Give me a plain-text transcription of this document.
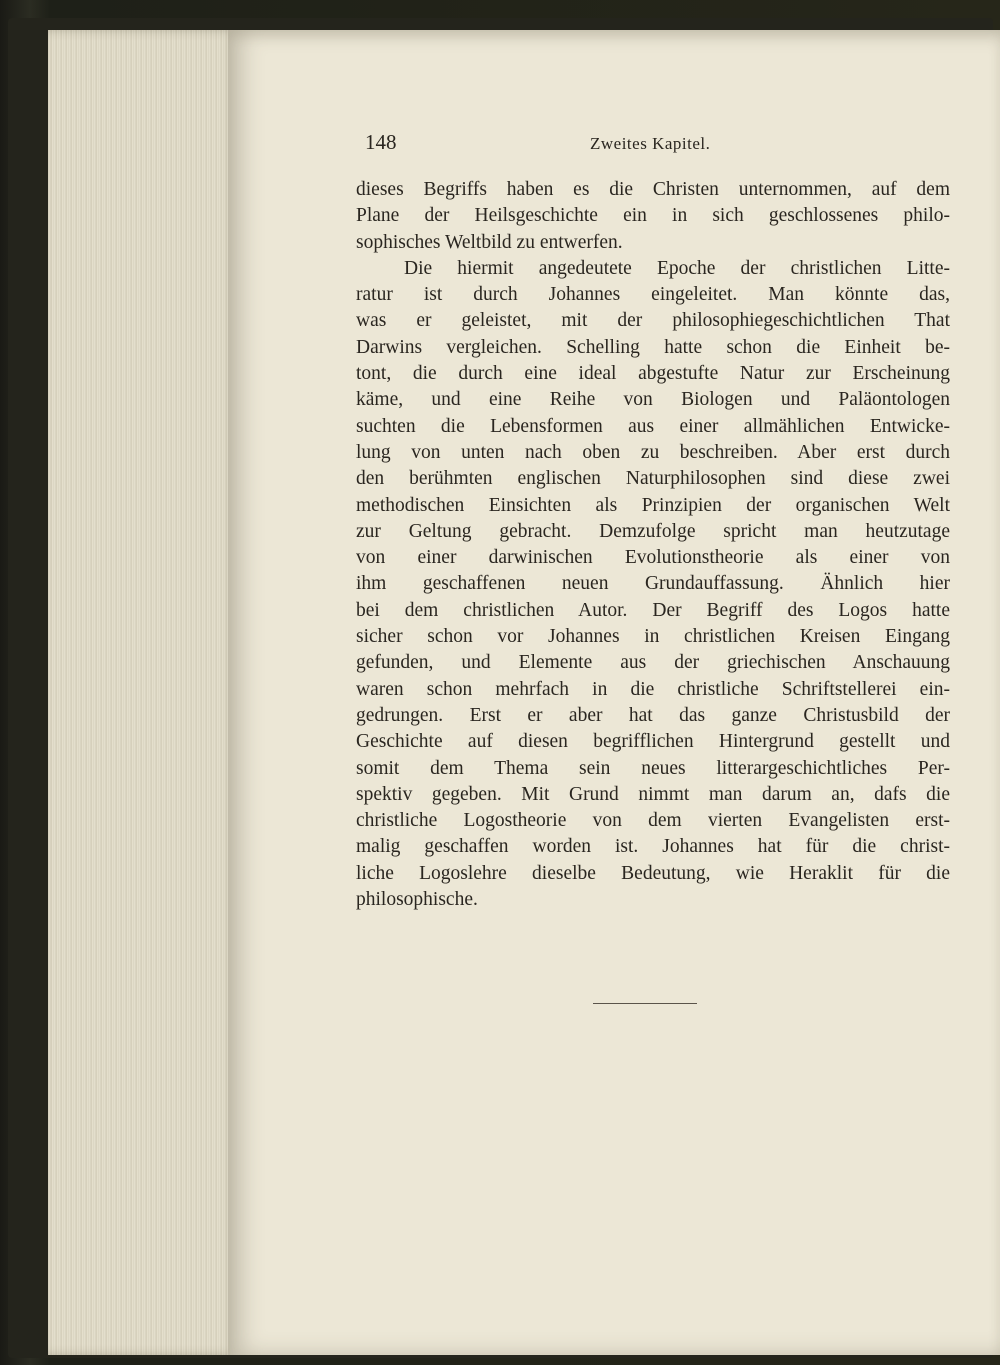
148	Zweites Kapitel.
dieses Begriffs haben es die Christen unternommen, auf dem
Plane der Heilsgeschichte ein in sich geschlossenes philo-
sophisches Weltbild zu entwerfen.
Die hiermit angedeutete Epoche der christlichen Litte-
ratur ist durch Johannes eingeleitet. Man könnte das,
was er geleistet, mit der philosophiegeschichtlichen That
Darwins vergleichen. Schelling hatte schon die Einheit be-
tont, die durch eine ideal abgestufte Natur zur Erscheinung
käme, und eine Reihe von Biologen und Paläontologen
suchten die Lebensformen aus einer allmählichen Entwicke-
lung von unten nach oben zu beschreiben. Aber erst durch
den berühmten englischen Naturphilosophen sind diese zwei
methodischen Einsichten als Prinzipien der organischen Welt
zur Geltung gebracht. Demzufolge spricht man heutzutage
von einer darwinischen Evolutionstheorie als einer von
ihm geschaffenen neuen Grundauffassung. Ähnlich hier
bei dem christlichen Autor. Der Begriff des Logos hatte
sicher schon vor Johannes in christlichen Kreisen Eingang
gefunden, und Elemente aus der griechischen Anschauung
waren schon mehrfach in die christliche Schriftstellerei ein-
gedrungen. Erst er aber hat das ganze Christusbild der
Geschichte auf diesen begrifflichen Hintergrund gestellt und
somit dem Thema sein neues litterargeschichtliches Per-
spektiv gegeben. Mit Grund nimmt man darum an, dafs die
christliche Logostheorie von dem vierten Evangelisten erst-
malig geschaffen worden ist. Johannes hat für die christ-
liche Logoslehre dieselbe Bedeutung, wie Heraklit für die
philosophische.
